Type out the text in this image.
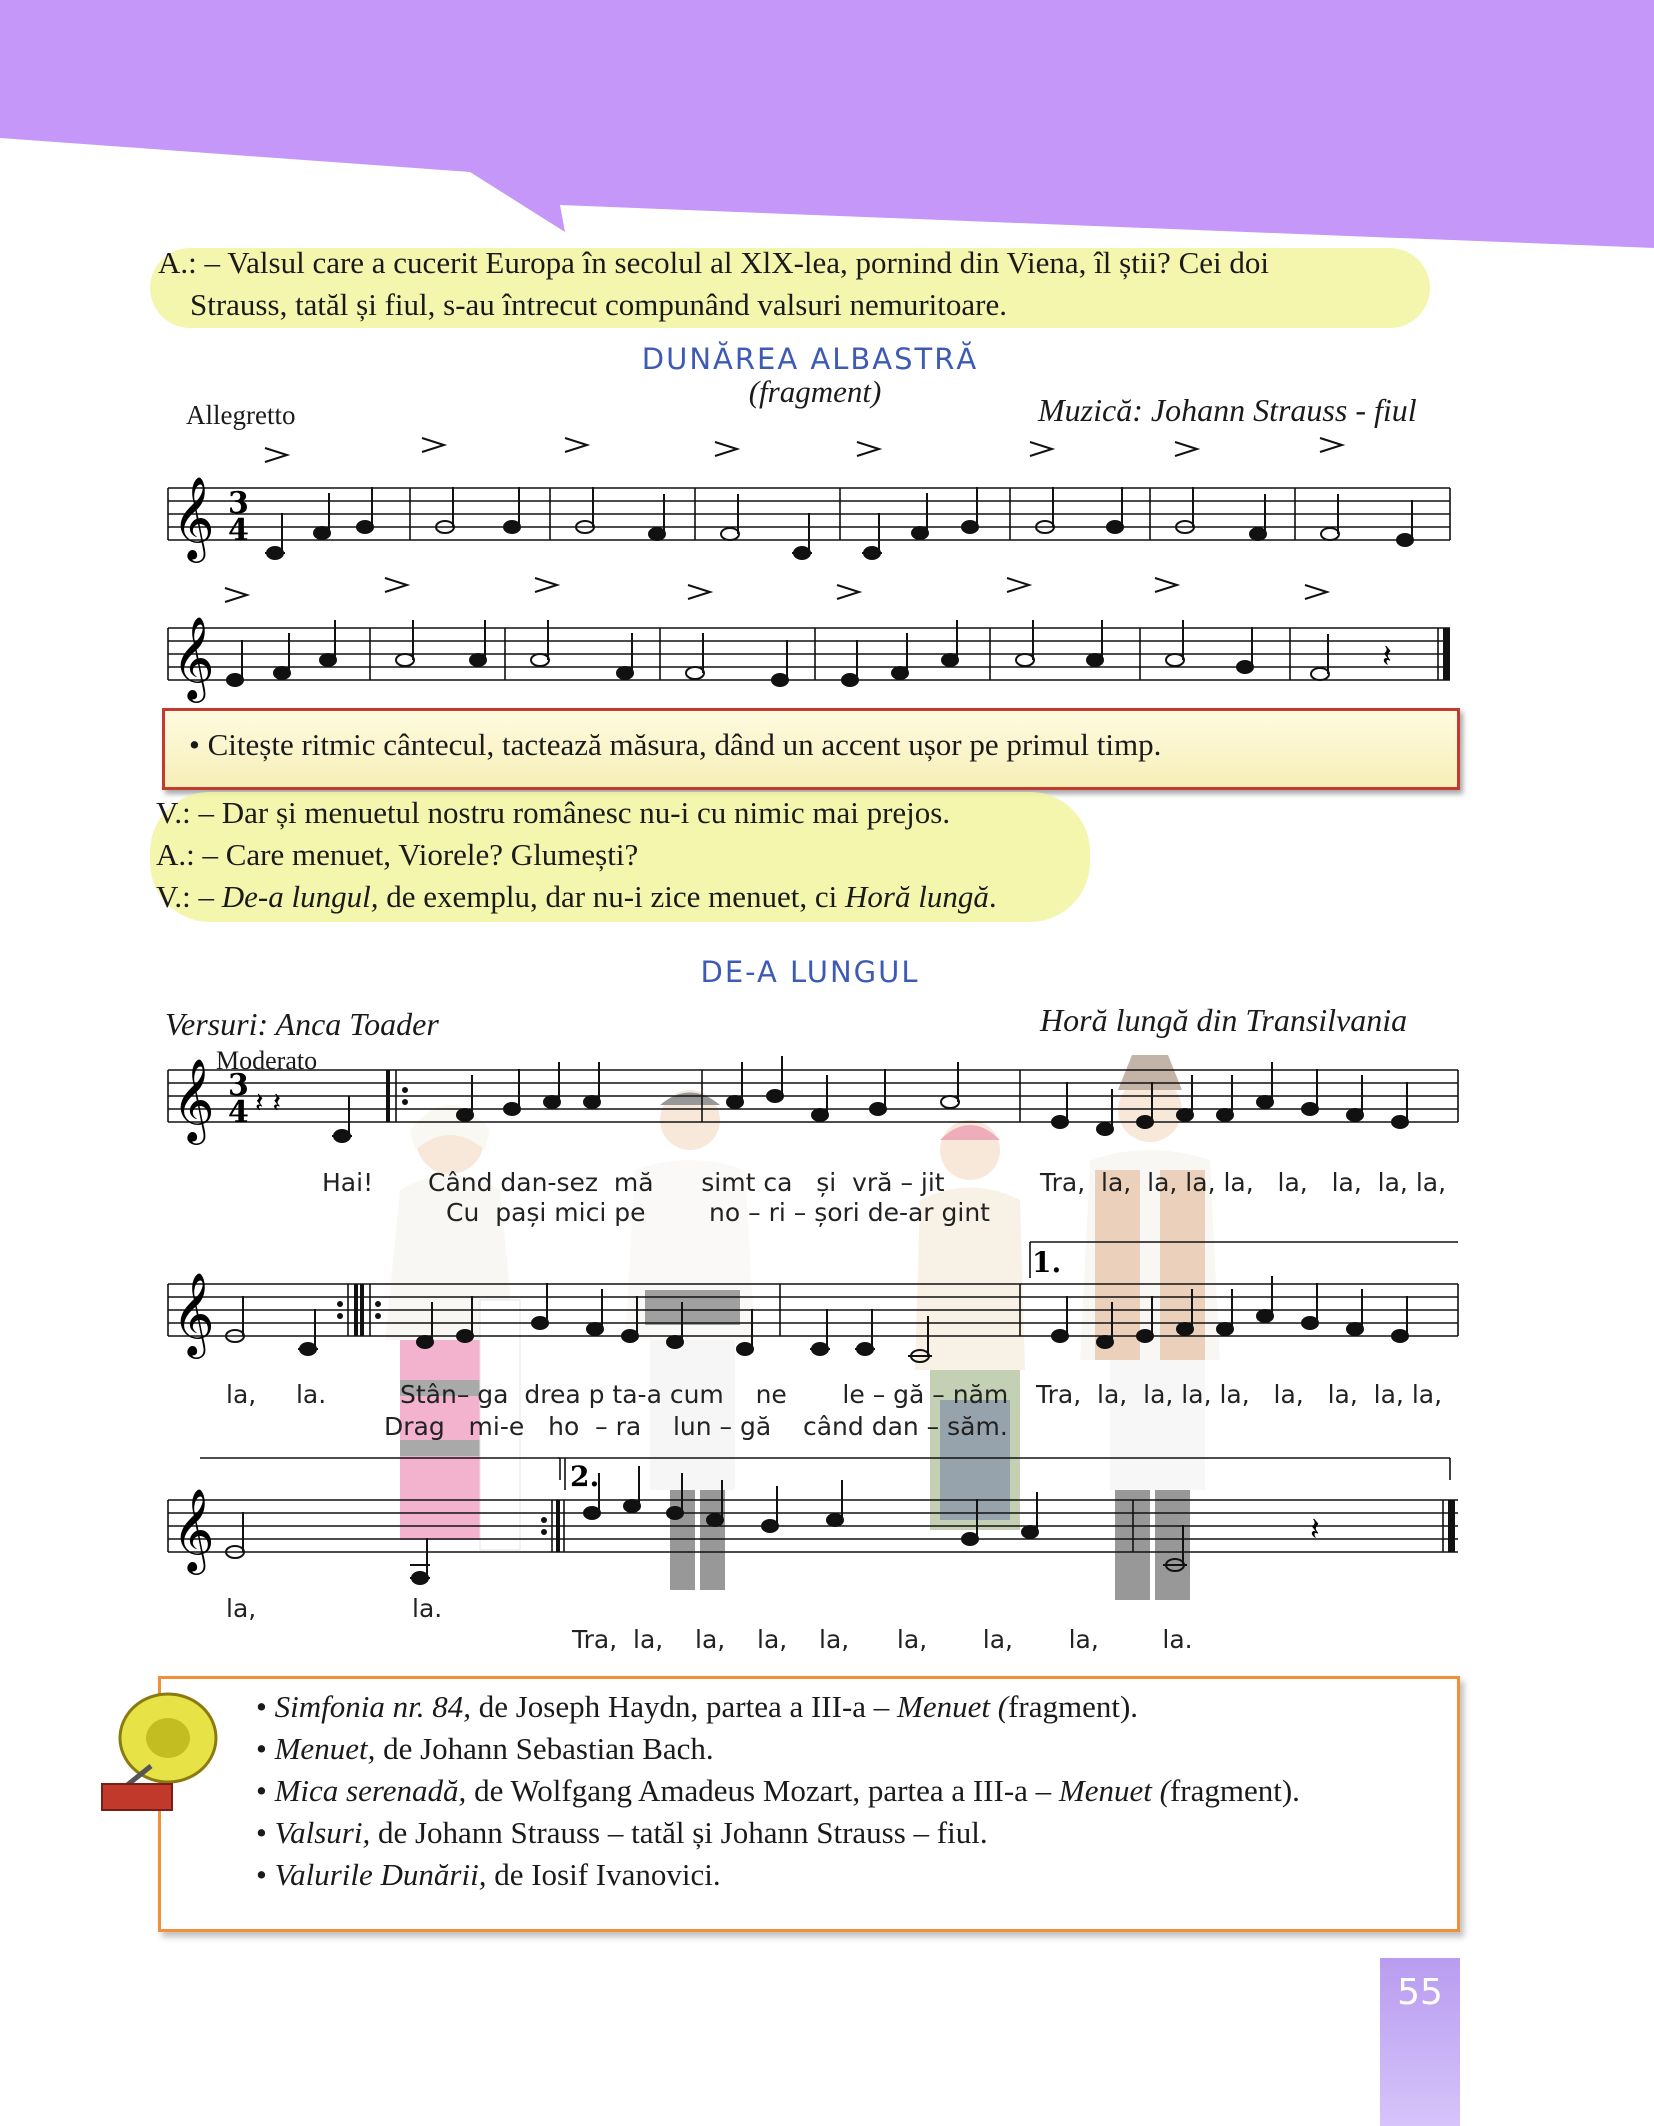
A.: – Valsul care a cucerit Europa în secolul al XlX-lea, pornind din Viena, îl știi? Cei doi
Strauss, tatăl și fiul, s-au întrecut compunând valsuri nemuritoare.
DUNĂREA ALBASTRĂ
(fragment)
Allegretto	Muzică: Johann Strauss - fiul
𝄞 3
4
𝄞	𝄽
• Citește ritmic cântecul, tactează măsura, dând un accent ușor pe primul timp.
V.: – Dar și menuetul nostru românesc nu-i cu nimic mai prejos.
A.: – Care menuet, Viorele? Glumești?
V.: – De-a lungul, de exemplu, dar nu-i zice menuet, ci Horă lungă.
DE-A LUNGUL
Versuri: Anca Toader	Horă lungă din Transilvania
Moderato
𝄞 3
4 𝄽 𝄽
Hai! Când dan-sez  mă      simt ca   și  vră – jit	Tra,  la,  la, la, la,   la,   la,  la, la,
Cu  pași mici pe        no – ri – șori de-ar gint
1.
𝄞
la,     la.	Stân– ga  drea p ta-a cum    ne       le – gă – năm Tra,  la,  la, la, la,   la,   la,  la, la,
Drag   mi-e   ho  – ra    lun – gă    când dan – săm.
2.
𝄞	𝄽
la,	la.
Tra,  la,    la,    la,    la,      la,       la,       la,        la.
• Simfonia nr. 84, de Joseph Haydn, partea a III-a – Menuet (fragment).
• Menuet, de Johann Sebastian Bach.
• Mica serenadă, de Wolfgang Amadeus Mozart, partea a III-a – Menuet (fragment).
• Valsuri, de Johann Strauss – tatăl și Johann Strauss – fiul.
• Valurile Dunării, de Iosif Ivanovici.
55
